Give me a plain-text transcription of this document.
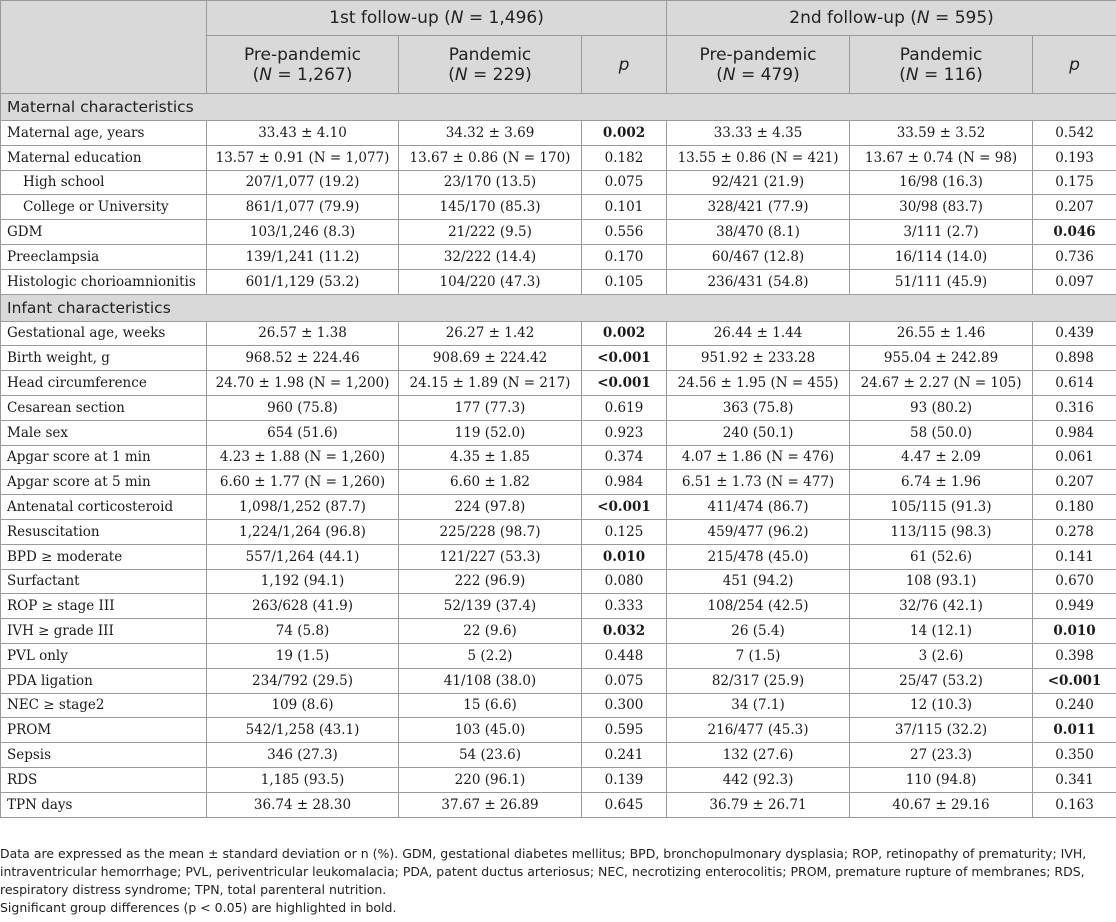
	1st follow-up (N = 1,496)			2nd follow-up (N = 595)		
	Pre-pandemic
(N = 1,267)	Pandemic
(N = 229)	p	Pre-pandemic
(N = 479)	Pandemic
(N = 116)	p
Maternal characteristics						
Maternal age, years	33.43 ± 4.10	34.32 ± 3.69	0.002	33.33 ± 4.35	33.59 ± 3.52	0.542
Maternal education	13.57 ± 0.91 (N = 1,077)	13.67 ± 0.86 (N = 170)	0.182	13.55 ± 0.86 (N = 421)	13.67 ± 0.74 (N = 98)	0.193
High school	207/1,077 (19.2)	23/170 (13.5)	0.075	92/421 (21.9)	16/98 (16.3)	0.175
College or University	861/1,077 (79.9)	145/170 (85.3)	0.101	328/421 (77.9)	30/98 (83.7)	0.207
GDM	103/1,246 (8.3)	21/222 (9.5)	0.556	38/470 (8.1)	3/111 (2.7)	0.046
Preeclampsia	139/1,241 (11.2)	32/222 (14.4)	0.170	60/467 (12.8)	16/114 (14.0)	0.736
Histologic chorioamnionitis	601/1,129 (53.2)	104/220 (47.3)	0.105	236/431 (54.8)	51/111 (45.9)	0.097
Infant characteristics						
Gestational age, weeks	26.57 ± 1.38	26.27 ± 1.42	0.002	26.44 ± 1.44	26.55 ± 1.46	0.439
Birth weight, g	968.52 ± 224.46	908.69 ± 224.42	<0.001	951.92 ± 233.28	955.04 ± 242.89	0.898
Head circumference	24.70 ± 1.98 (N = 1,200)	24.15 ± 1.89 (N = 217)	<0.001	24.56 ± 1.95 (N = 455)	24.67 ± 2.27 (N = 105)	0.614
Cesarean section	960 (75.8)	177 (77.3)	0.619	363 (75.8)	93 (80.2)	0.316
Male sex	654 (51.6)	119 (52.0)	0.923	240 (50.1)	58 (50.0)	0.984
Apgar score at 1 min	4.23 ± 1.88 (N = 1,260)	4.35 ± 1.85	0.374	4.07 ± 1.86 (N = 476)	4.47 ± 2.09	0.061
Apgar score at 5 min	6.60 ± 1.77 (N = 1,260)	6.60 ± 1.82	0.984	6.51 ± 1.73 (N = 477)	6.74 ± 1.96	0.207
Antenatal corticosteroid	1,098/1,252 (87.7)	224 (97.8)	<0.001	411/474 (86.7)	105/115 (91.3)	0.180
Resuscitation	1,224/1,264 (96.8)	225/228 (98.7)	0.125	459/477 (96.2)	113/115 (98.3)	0.278
BPD ≥ moderate	557/1,264 (44.1)	121/227 (53.3)	0.010	215/478 (45.0)	61 (52.6)	0.141
Surfactant	1,192 (94.1)	222 (96.9)	0.080	451 (94.2)	108 (93.1)	0.670
ROP ≥ stage III	263/628 (41.9)	52/139 (37.4)	0.333	108/254 (42.5)	32/76 (42.1)	0.949
IVH ≥ grade III	74 (5.8)	22 (9.6)	0.032	26 (5.4)	14 (12.1)	0.010
PVL only	19 (1.5)	5 (2.2)	0.448	7 (1.5)	3 (2.6)	0.398
PDA ligation	234/792 (29.5)	41/108 (38.0)	0.075	82/317 (25.9)	25/47 (53.2)	<0.001
NEC ≥ stage2	109 (8.6)	15 (6.6)	0.300	34 (7.1)	12 (10.3)	0.240
PROM	542/1,258 (43.1)	103 (45.0)	0.595	216/477 (45.3)	37/115 (32.2)	0.011
Sepsis	346 (27.3)	54 (23.6)	0.241	132 (27.6)	27 (23.3)	0.350
RDS	1,185 (93.5)	220 (96.1)	0.139	442 (92.3)	110 (94.8)	0.341
TPN days	36.74 ± 28.30	37.67 ± 26.89	0.645	36.79 ± 26.71	40.67 ± 29.16	0.163

Data are expressed as the mean ± standard deviation or n (%). GDM, gestational diabetes mellitus; BPD, bronchopulmonary dysplasia; ROP, retinopathy of prematurity; IVH, intraventricular hemorrhage; PVL, periventricular leukomalacia; PDA, patent ductus arteriosus; NEC, necrotizing enterocolitis; PROM, premature rupture of membranes; RDS, respiratory distress syndrome; TPN, total parenteral nutrition.

Significant group differences (p < 0.05) are highlighted in bold.
